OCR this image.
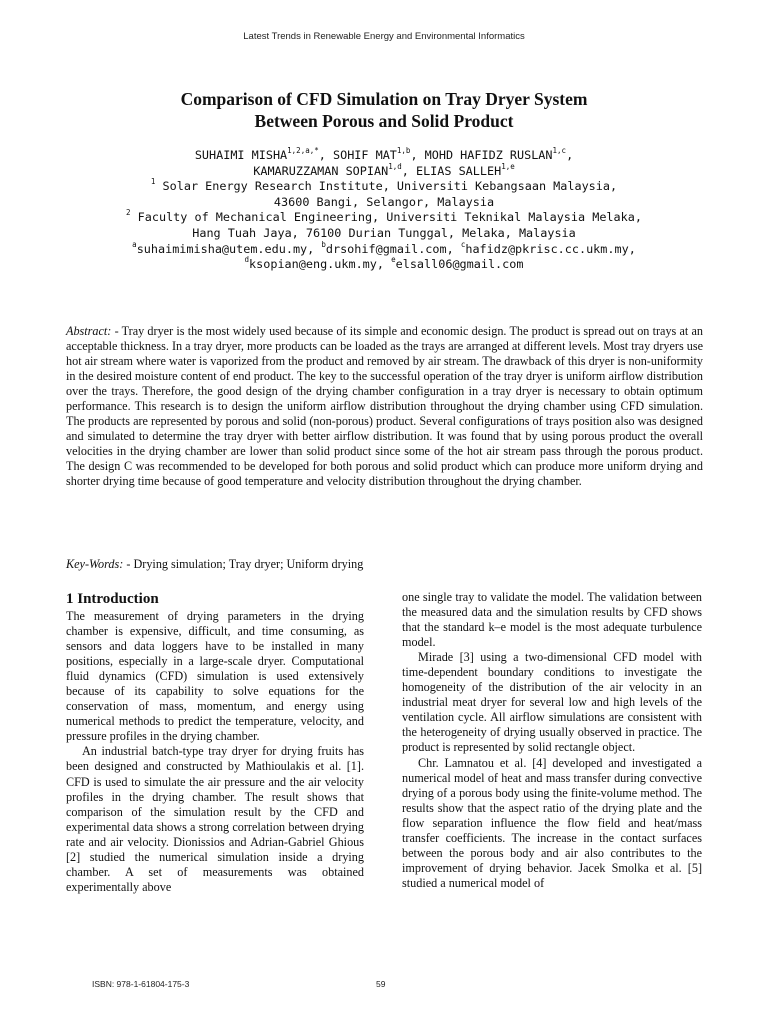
Latest Trends in Renewable Energy and Environmental Informatics
Comparison of CFD Simulation on Tray Dryer System
Between Porous and Solid Product

SUHAIMI $MISHA^{1,2,a,*}$, SOHIF MAT$^{1,b}$, MOHD HAFIDZ RUSLAN$^{1,c}$,

KAMARUZZAMAN SOPIAN$^{1,d}$, ELIAS SALLEH$^{1,e}$

$^1$ Solar Energy Research Institute, Universiti Kebangsaan Malaysia,

43600 Bangi, Selangor, Malaysia

$^2$ Faculty of Mechanical Engineering, Universiti Teknikal Malaysia Melaka,

Hang Tuah Jaya, 76100 Durian Tunggal, Melaka, Malaysia

$^a$suhaimimisha@utem.edu.my, $^b$drsohif@gmail.com, $^c$hafidz@pkrisc.cc.ukm.my,

$^d$ksopian@eng.ukm.my, $^e$elsall06@gmail.com

Abstract: - Tray dryer is the most widely used because of its simple and economic design. The product is spread out on trays at an acceptable thickness. In a tray dryer, more products can be loaded as the trays are arranged at different levels. Most tray dryers use hot air stream where water is vaporized from the product and removed by air stream. The drawback of this dryer is non-uniformity in the desired moisture content of end product. The key to the successful operation of the tray dryer is uniform airflow distribution over the trays. Therefore, the good design of the drying chamber configuration in a tray dryer is necessary to obtain optimum performance. This research is to design the uniform airflow distribution throughout the drying chamber using CFD simulation. The products are represented by porous and solid (non-porous) product. Several configurations of trays position also was designed and simulated to determine the tray dryer with better airflow distribution. It was found that by using porous product the overall velocities in the drying chamber are lower than solid product since some of the hot air stream pass through the porous product. The design C was recommended to be developed for both porous and solid product which can produce more uniform drying and shorter drying time because of good temperature and velocity distribution throughout the drying chamber.

Key-Words: - Drying simulation; Tray dryer; Uniform drying

1 Introduction

The measurement of drying parameters in the drying chamber is expensive, difficult, and time consuming, as sensors and data loggers have to be installed in many positions, especially in a large-scale dryer. Computational fluid dynamics (CFD) simulation is used extensively because of its capability to solve equations for the conservation of mass, momentum, and energy using numerical methods to predict the temperature, velocity, and pressure profiles in the drying chamber.

An industrial batch-type tray dryer for drying fruits has been designed and constructed by Mathioulakis et al. [1]. CFD is used to simulate the air pressure and the air velocity profiles in the drying chamber. The result shows that comparison of the simulation result by the CFD and experimental data shows a strong correlation between drying rate and air velocity. Dionissios and Adrian-Gabriel Ghious [2] studied the numerical simulation inside a drying chamber. A set of measurements was obtained experimentally above

one single tray to validate the model. The validation between the measured data and the simulation results by CFD shows that the standard k–e model is the most adequate turbulence model.

Mirade [3] using a two-dimensional CFD model with time-dependent boundary conditions to investigate the homogeneity of the distribution of the air velocity in an industrial meat dryer for several low and high levels of the ventilation cycle. All airflow simulations are consistent with the heterogeneity of drying usually observed in practice. The product is represented by solid rectangle object.

Chr. Lamnatou et al. [4] developed and investigated a numerical model of heat and mass transfer during convective drying of a porous body using the finite-volume method. The results show that the aspect ratio of the drying plate and the flow separation influence the flow field and heat/mass transfer coefficients. The increase in the contact surfaces between the porous body and air also contributes to the improvement of drying behavior. Jacek Smolka et al. [5] studied a numerical model of

ISBN: 978-1-61804-175-3	59
